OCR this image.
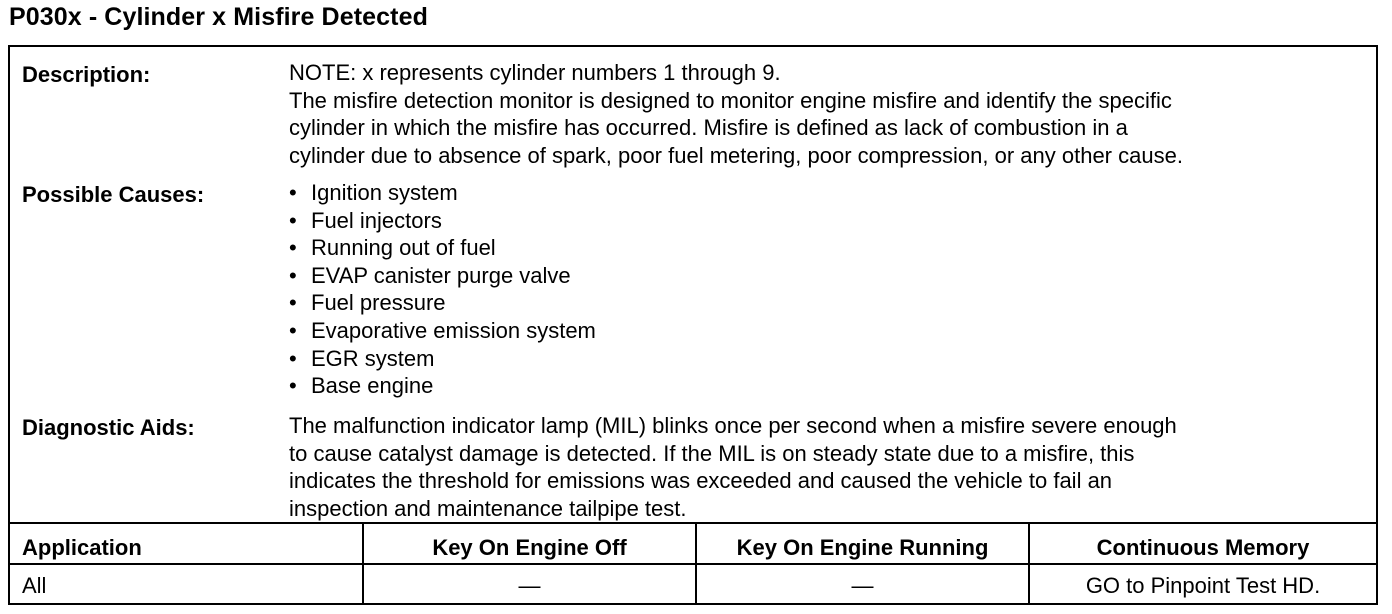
P030x - Cylinder x Misfire Detected
Description:	NOTE: x represents cylinder numbers 1 through 9.
The misfire detection monitor is designed to monitor engine misfire and identify the specific
cylinder in which the misfire has occurred. Misfire is defined as lack of combustion in a
cylinder due to absence of spark, poor fuel metering, poor compression, or any other cause.
Possible Causes:	• Ignition system
• Fuel injectors
• Running out of fuel
• EVAP canister purge valve
• Fuel pressure
• Evaporative emission system
• EGR system
• Base engine
Diagnostic Aids:	The malfunction indicator lamp (MIL) blinks once per second when a misfire severe enough
to cause catalyst damage is detected. If the MIL is on steady state due to a misfire, this
indicates the threshold for emissions was exceeded and caused the vehicle to fail an
inspection and maintenance tailpipe test.
Application	Key On Engine Off	Key On Engine Running	Continuous Memory
All	—	—	GO to Pinpoint Test HD.
